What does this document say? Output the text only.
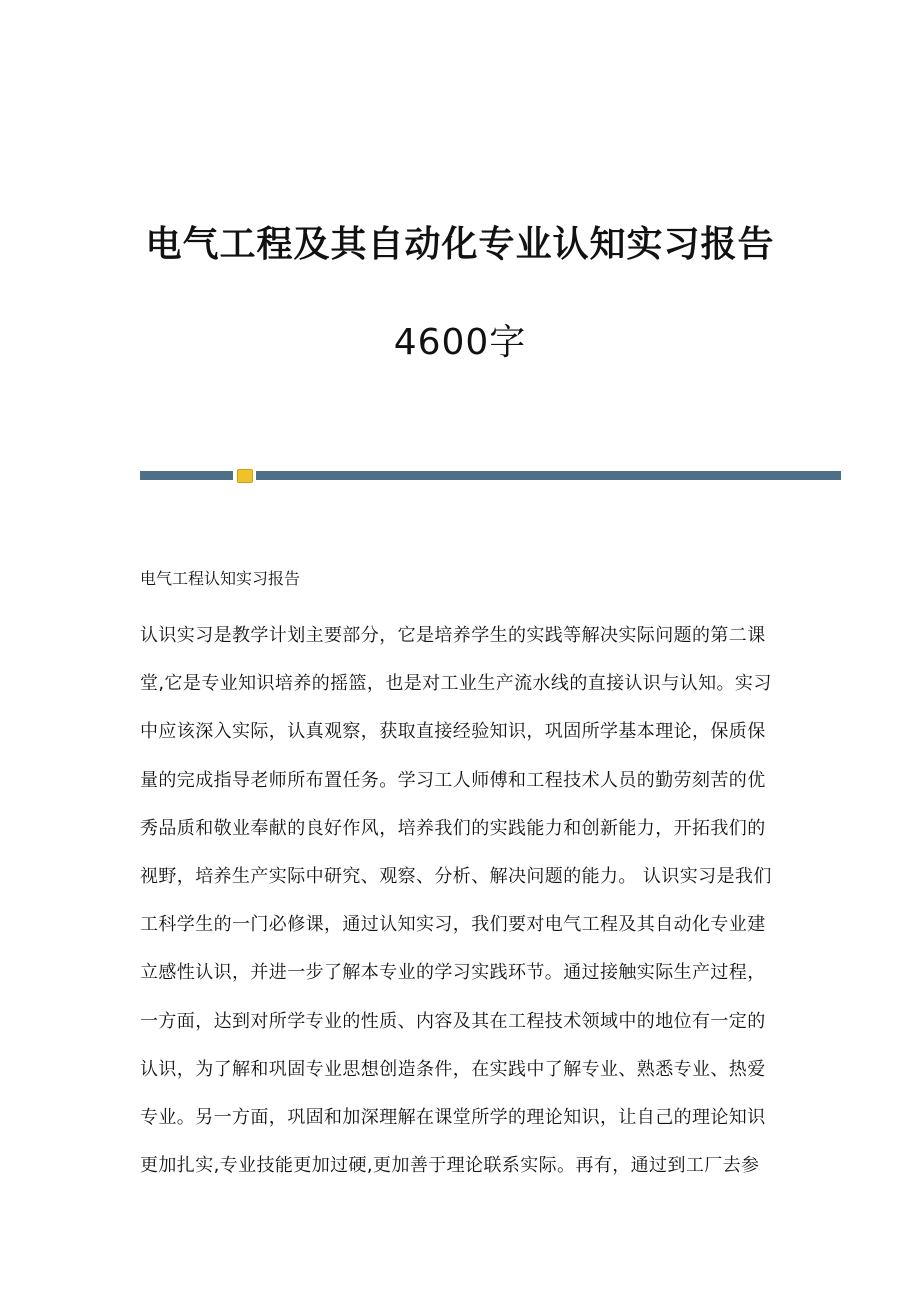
电气工程及其自动化专业认知实习报告
4600字
电气工程认知实习报告
认识实习是教学计划主要部分，它是培养学生的实践等解决实际问题的第二课
堂,它是专业知识培养的摇篮，也是对工业生产流水线的直接认识与认知。实习
中应该深入实际，认真观察，获取直接经验知识，巩固所学基本理论，保质保
量的完成指导老师所布置任务。学习工人师傅和工程技术人员的勤劳刻苦的优
秀品质和敬业奉献的良好作风，培养我们的实践能力和创新能力，开拓我们的
视野，培养生产实际中研究、观察、分析、解决问题的能力。 认识实习是我们
工科学生的一门必修课，通过认知实习，我们要对电气工程及其自动化专业建
立感性认识，并进一步了解本专业的学习实践环节。通过接触实际生产过程，
一方面，达到对所学专业的性质、内容及其在工程技术领域中的地位有一定的
认识，为了解和巩固专业思想创造条件，在实践中了解专业、熟悉专业、热爱
专业。另一方面，巩固和加深理解在课堂所学的理论知识，让自己的理论知识
更加扎实,专业技能更加过硬,更加善于理论联系实际。再有，通过到工厂去参
